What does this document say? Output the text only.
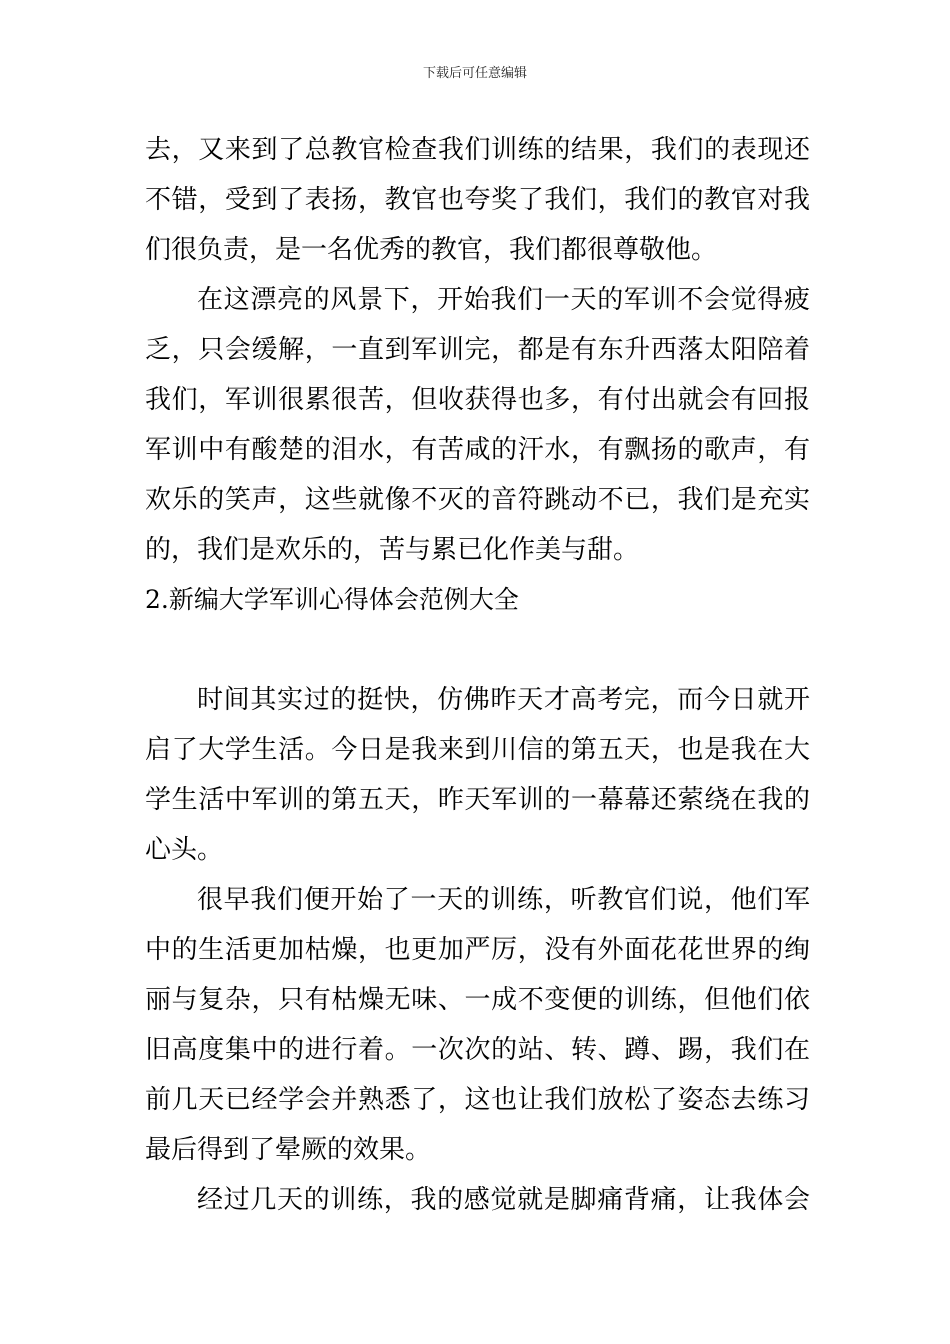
下载后可任意编辑
去，又来到了总教官检查我们训练的结果，我们的表现还
不错，受到了表扬，教官也夸奖了我们，我们的教官对我
们很负责，是一名优秀的教官，我们都很尊敬他。
在这漂亮的风景下，开始我们一天的军训不会觉得疲
乏，只会缓解，一直到军训完，都是有东升西落太阳陪着
我们，军训很累很苦，但收获得也多，有付出就会有回报
军训中有酸楚的泪水，有苦咸的汗水，有飘扬的歌声，有
欢乐的笑声，这些就像不灭的音符跳动不已，我们是充实
的，我们是欢乐的，苦与累已化作美与甜。
2.新编大学军训心得体会范例大全
时间其实过的挺快，仿佛昨天才高考完，而今日就开
启了大学生活。今日是我来到川信的第五天，也是我在大
学生活中军训的第五天，昨天军训的一幕幕还萦绕在我的
心头。
很早我们便开始了一天的训练，听教官们说，他们军
中的生活更加枯燥，也更加严厉，没有外面花花世界的绚
丽与复杂，只有枯燥无味、一成不变便的训练，但他们依
旧高度集中的进行着。一次次的站、转、蹲、踢，我们在
前几天已经学会并熟悉了，这也让我们放松了姿态去练习
最后得到了晕厥的效果。
经过几天的训练，我的感觉就是脚痛背痛，让我体会
